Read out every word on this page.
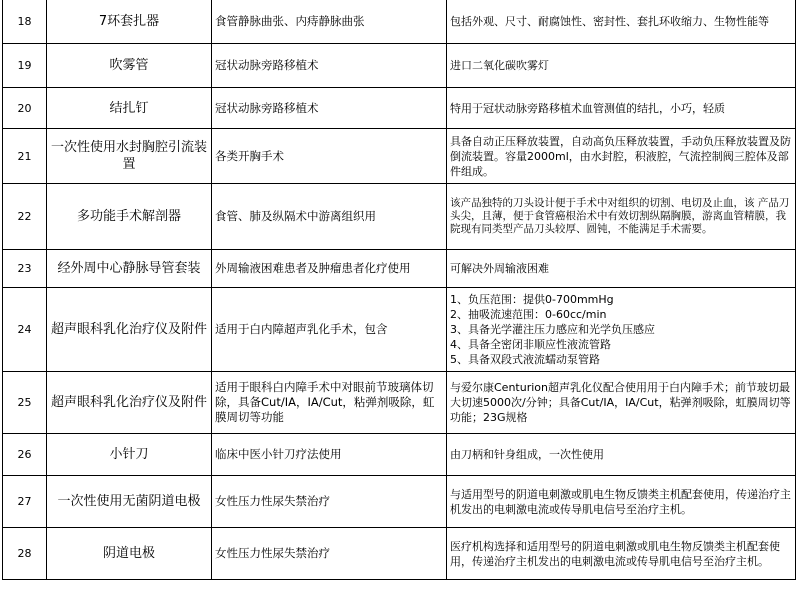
18	7环套扎器	食管静脉曲张、内痔静脉曲张	包括外观、尺寸、耐腐蚀性、密封性、套扎环收缩力、生物性能等
19	吹雾管	冠状动脉旁路移植术	进口二氧化碳吹雾灯
20	结扎钉	冠状动脉旁路移植术	特用于冠状动脉旁路移植术血管测值的结扎，小巧，轻质
21	一次性使用水封胸腔引流装置	各类开胸手术	具备自动正压释放装置，自动高负压释放装置，手动负压释放装置及防倒流装置。容量2000ml，由水封腔，积液腔，气流控制阀三腔体及部件组成。
22	多功能手术解剖器	食管、肺及纵隔术中游离组织用	该产品独特的刀头设计便于手术中对组织的切割、电切及止血，该 产品刀头尖，且薄，便于食管癌根治术中有效切割纵隔胸膜，游离血管精膜，我院现有同类型产品刀头较厚、圆钝，不能满足手术需要。
23	经外周中心静脉导管套装	外周输液困难患者及肿瘤患者化疗使用	可解决外周输液困难
24	超声眼科乳化治疗仪及附件	适用于白内障超声乳化手术，包含	1、负压范围：提供0-700mmHg
2、抽吸流速范围：0-60cc/min
3、具备光学灌注压力感应和光学负压感应
4、具备全密闭非顺应性液流管路
5、具备双段式液流蠕动泵管路

25	超声眼科乳化治疗仪及附件	适用于眼科白内障手术中对眼前节玻璃体切除，具备Cut/IA，IA/Cut，粘弹剂吸除，虹膜周切等功能	与爱尔康Centurion超声乳化仪配合使用用于白内障手术；前节玻切最大切速5000次/分钟；具备Cut/IA，IA/Cut，粘弹剂吸除，虹膜周切等功能；23G规格
26	小针刀	临床中医小针刀疗法使用	由刀柄和针身组成，一次性使用
27	一次性使用无菌阴道电极	女性压力性尿失禁治疗	与适用型号的阴道电刺激或肌电生物反馈类主机配套使用，传递治疗主机发出的电刺激电流或传导肌电信号至治疗主机。
28	阴道电极	女性压力性尿失禁治疗	医疗机构选择和适用型号的阴道电刺激或肌电生物反馈类主机配套使用，传递治疗主机发出的电刺激电流或传导肌电信号至治疗主机。
